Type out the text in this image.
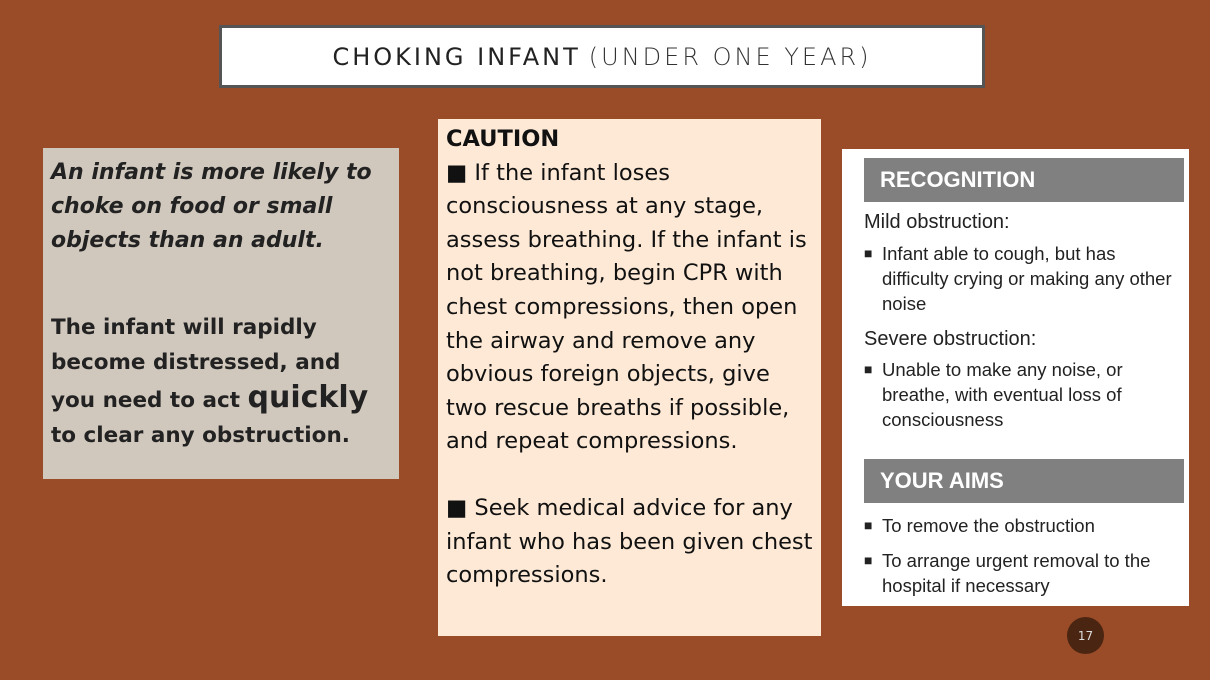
CHOKING INFANT (UNDER ONE YEAR)

An infant is more likely to choke on food or small objects than an adult.

The infant will rapidly become distressed, and you need to act quickly to clear any obstruction.

CAUTION

■ If the infant loses consciousness at any stage, assess breathing. If the infant is not breathing, begin CPR with chest compressions, then open the airway and remove any obvious foreign objects, give two rescue breaths if possible, and repeat compressions.

■ Seek medical advice for any infant who has been given chest compressions.

RECOGNITION
Mild obstruction:
■ Infant able to cough, but has difficulty crying or making any other noise
Severe obstruction:
■ Unable to make any noise, or breathe, with eventual loss of consciousness
YOUR AIMS
■ To remove the obstruction
■ To arrange urgent removal to the hospital if necessary
17
